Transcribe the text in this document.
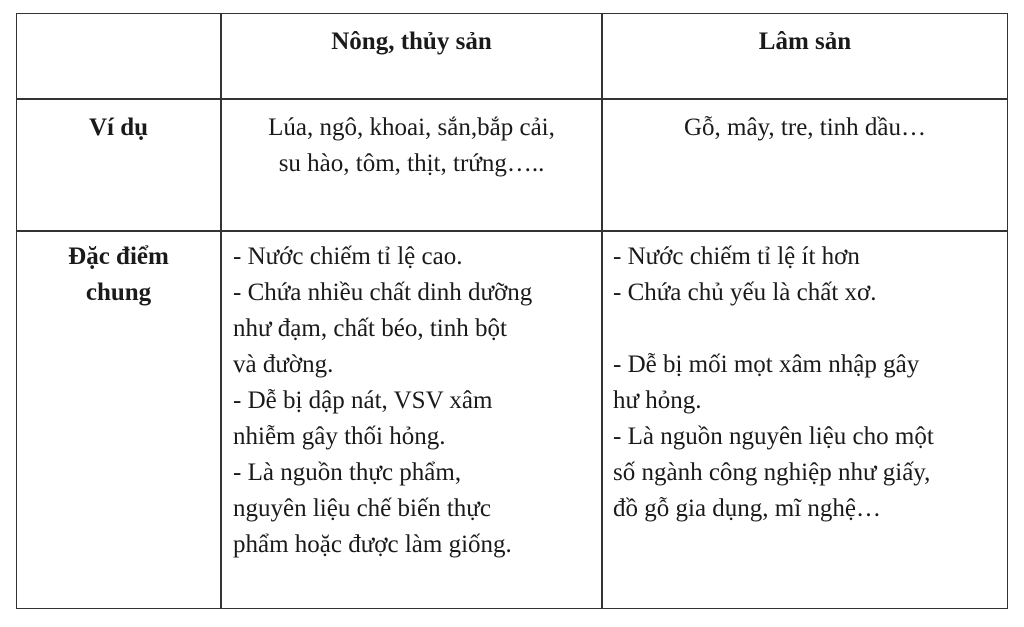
Nông, thủy sản	Lâm sản
Ví dụ	Lúa, ngô, khoai, sắn,bắp cải,
su hào, tôm, thịt, trứng…..
Gỗ, mây, tre, tinh dầu…
Đặc điểm
chung
- Nước chiếm tỉ lệ cao.
- Chứa nhiều chất dinh dưỡng
như đạm, chất béo, tinh bột
và đường.
- Dễ bị dập nát, VSV xâm
nhiễm gây thối hỏng.
- Là nguồn thực phẩm,
nguyên liệu chế biến thực
phẩm hoặc được làm giống.
- Nước chiếm tỉ lệ ít hơn
- Chứa chủ yếu là chất xơ.
- Dễ bị mối mọt xâm nhập gây
hư hỏng.
- Là nguồn nguyên liệu cho một
số ngành công nghiệp như giấy,
đồ gỗ gia dụng, mĩ nghệ…
